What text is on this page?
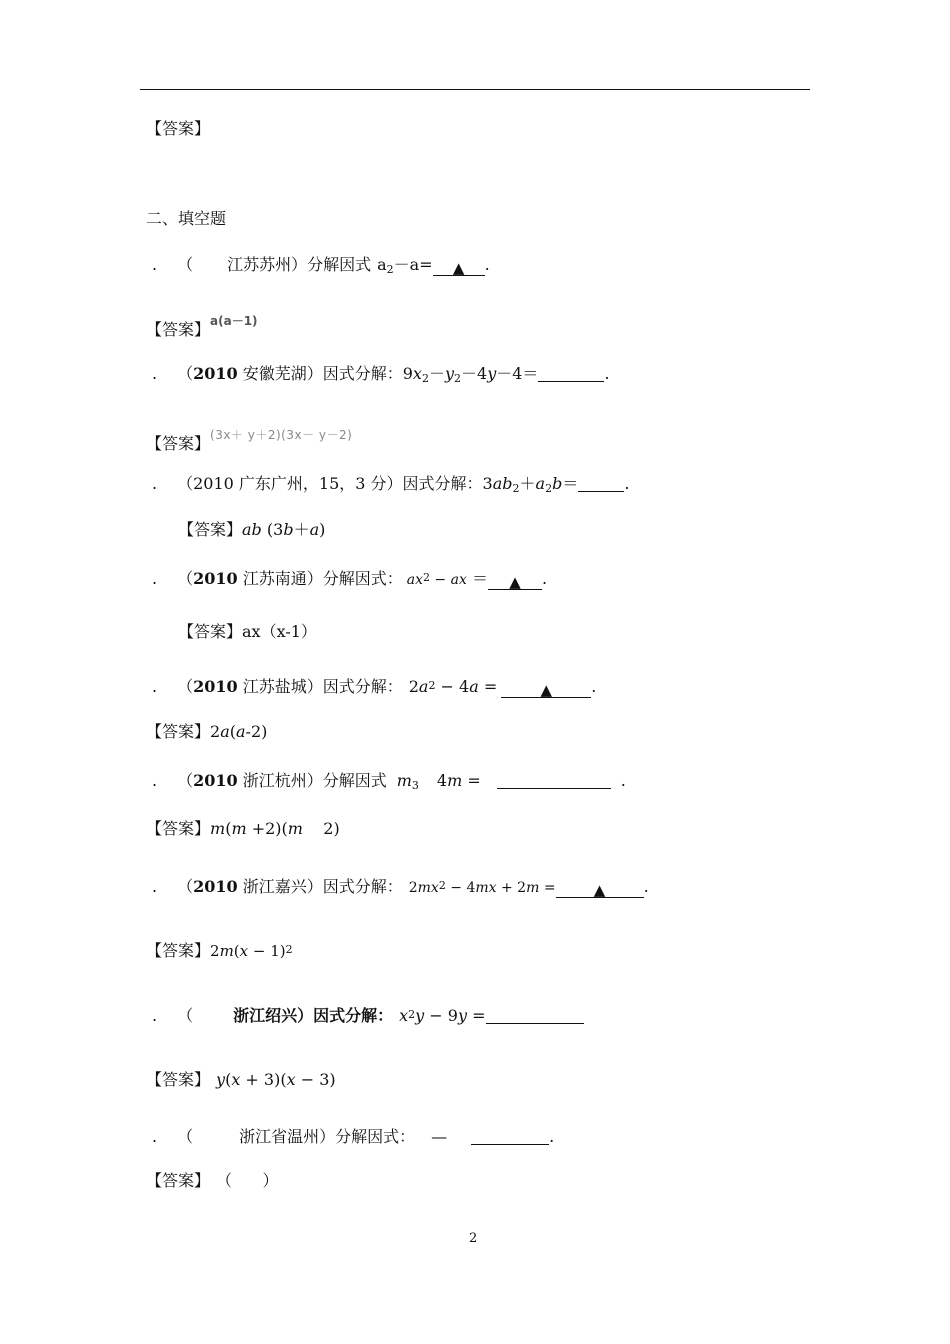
【答案】
二、填空题
. （ 江苏苏州）分解因式 a2－a= ▲ .
【答案】a(a－1)
. （2010 安徽芜湖）因式分解：9x2－y2－4y－4＝	.
【答案】(3x＋ y＋2)(3x－ y－2)
. （2010 广东广州，15，3 分）因式分解：3ab2＋a2b＝	.
【答案】ab (3b＋a)
. （2010 江苏南通）分解因式： ax2 − ax ＝ ▲ .
【答案】ax（x-1）
. （2010 江苏盐城）因式分解： 2a2 − 4a =	▲ .
【答案】2a(a-2)
. （2010 浙江杭州）分解因式 m3 4m =	.
【答案】m(m +2)(m    2)
. （2010 浙江嘉兴）因式分解： 2mx2 − 4mx + 2m =	▲ .
【答案】2m(x − 1)2
. （	浙江绍兴）因式分解： x2y − 9y =
【答案】 y(x + 3)(x − 3)
. （	浙江省温州）分解因式： —	.
【答案】 （      ）
2
